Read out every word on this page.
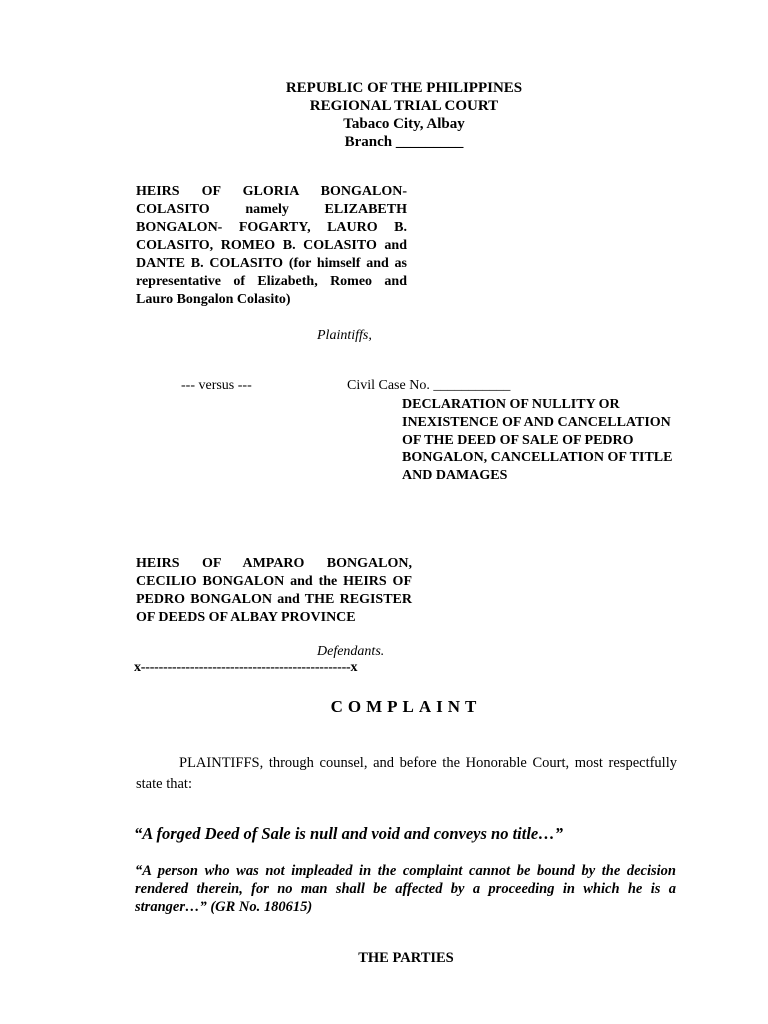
REPUBLIC OF THE PHILIPPINES
REGIONAL TRIAL COURT
Tabaco City, Albay
Branch _________
HEIRS OF GLORIA BONGALON-COLASITO namely ELIZABETH BONGALON- FOGARTY, LAURO B. COLASITO, ROMEO B. COLASITO and DANTE B. COLASITO (for himself and as representative of Elizabeth, Romeo and Lauro Bongalon Colasito)
Plaintiffs,
--- versus ---	Civil Case No. ___________
DECLARATION OF NULLITY OR INEXISTENCE OF AND CANCELLATION OF THE DEED OF SALE OF PEDRO BONGALON, CANCELLATION OF TITLE AND DAMAGES
HEIRS OF AMPARO BONGALON, CECILIO BONGALON and the HEIRS OF PEDRO BONGALON and THE REGISTER OF DEEDS OF ALBAY PROVINCE
Defendants.
x-----------------------------------------------x
COMPLAINT
PLAINTIFFS, through counsel, and before the Honorable Court, most respectfully state that:
“A forged Deed of Sale is null and void and conveys no title…”
“A person who was not impleaded in the complaint cannot be bound by the decision rendered therein, for no man shall be affected by a proceeding in which he is a stranger…” (GR No. 180615)
THE PARTIES
